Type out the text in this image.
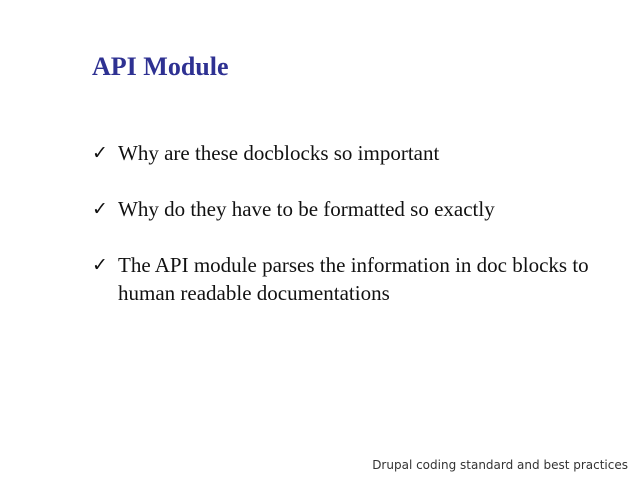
API Module
✓ Why are these docblocks so important
✓ Why do they have to be formatted so exactly
✓ The API module parses the information in doc blocks to human readable documentations
Drupal coding standard and best practices
